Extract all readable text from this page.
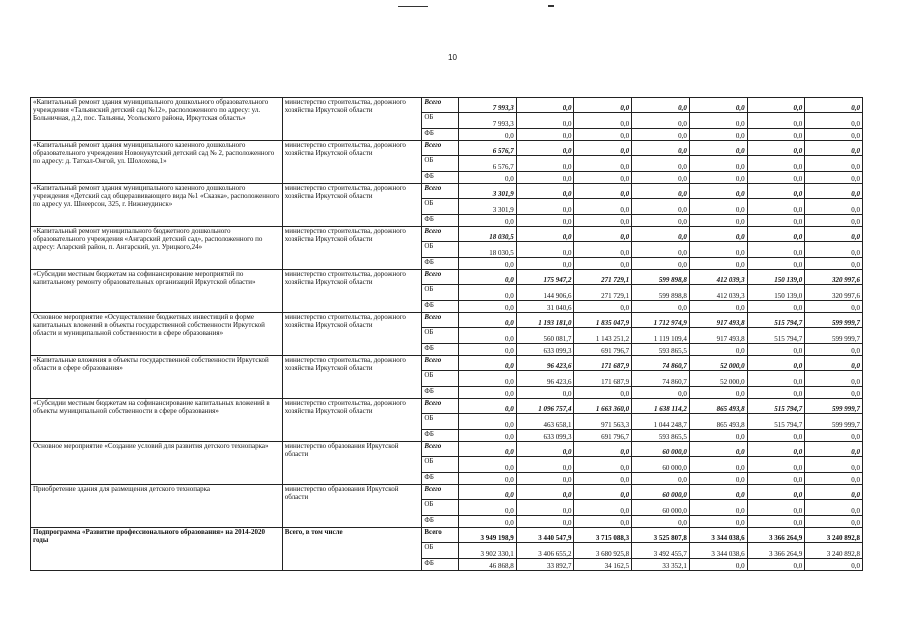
10
«Капитальный ремонт здания муниципального дошкольного образовательного учреждения «Тальянский детский сад №12», расположенного по адресу: ул. Больничная, д.2, пос. Тальяны, Усольского района, Иркутская область»	министерство строительства, дорожного хозяйства Иркутской области	Всего	7 993,3	0,0	0,0	0,0	0,0	0,0	0,0
		ОБ	7 993,3	0,0	0,0	0,0	0,0	0,0	0,0
		ФБ	0,0	0,0	0,0	0,0	0,0	0,0	0,0
«Капитальный ремонт здания муниципального казенного дошкольного образовательного учреждения Новонукутский детский сад № 2, расположенного по адресу: д. Татхал-Онгой, ул. Шолохова,1»	министерство строительства, дорожного хозяйства Иркутской области	Всего	6 576,7	0,0	0,0	0,0	0,0	0,0	0,0
		ОБ	6 576,7	0,0	0,0	0,0	0,0	0,0	0,0
		ФБ	0,0	0,0	0,0	0,0	0,0	0,0	0,0
«Капитальный ремонт здания муниципального казенного дошкольного учреждения «Детский сад общеразвивающего вида №1 «Сказка», расположенного по адресу ул. Шнеерсон, 325, г. Нижнеудинск»	министерство строительства, дорожного хозяйства Иркутской области	Всего	3 301,9	0,0	0,0	0,0	0,0	0,0	0,0
		ОБ	3 301,9	0,0	0,0	0,0	0,0	0,0	0,0
		ФБ	0,0	0,0	0,0	0,0	0,0	0,0	0,0
«Капитальный ремонт муниципального бюджетного дошкольного образовательного учреждения «Ангарский детский сад», расположенного по адресу: Аларский район, п. Ангарский, ул. Урицкого,24»	министерство строительства, дорожного хозяйства Иркутской области	Всего	18 030,5	0,0	0,0	0,0	0,0	0,0	0,0
		ОБ	18 030,5	0,0	0,0	0,0	0,0	0,0	0,0
		ФБ	0,0	0,0	0,0	0,0	0,0	0,0	0,0
«Субсидии местным бюджетам на софинансирование мероприятий по капитальному ремонту образовательных организаций Иркутской области»	министерство строительства, дорожного хозяйства Иркутской области	Всего	0,0	175 947,2	271 729,1	599 898,8	412 039,3	150 139,0	320 997,6
		ОБ	0,0	144 906,6	271 729,1	599 898,8	412 039,3	150 139,0	320 997,6
		ФБ	0,0	31 040,6	0,0	0,0	0,0	0,0	0,0
Основное мероприятие «Осуществление бюджетных инвестиций в форме капитальных вложений в объекты государственной собственности Иркутской области и муниципальной собственности в сфере образования»	министерство строительства, дорожного хозяйства Иркутской области	Всего	0,0	1 193 181,0	1 835 047,9	1 712 974,9	917 493,8	515 794,7	599 999,7
		ОБ	0,0	560 081,7	1 143 251,2	1 119 109,4	917 493,8	515 794,7	599 999,7
		ФБ	0,0	633 099,3	691 796,7	593 865,5	0,0	0,0	0,0
«Капитальные вложения в объекты государственной собственности Иркутской области в сфере образования»	министерство строительства, дорожного хозяйства Иркутской области	Всего	0,0	96 423,6	171 687,9	74 860,7	52 000,0	0,0	0,0
		ОБ	0,0	96 423,6	171 687,9	74 860,7	52 000,0	0,0	0,0
		ФБ	0,0	0,0	0,0	0,0	0,0	0,0	0,0
«Субсидии местным бюджетам на софинансирование капитальных вложений в объекты муниципальной собственности в сфере образования»	министерство строительства, дорожного хозяйства Иркутской области	Всего	0,0	1 096 757,4	1 663 360,0	1 638 114,2	865 493,8	515 794,7	599 999,7
		ОБ	0,0	463 658,1	971 563,3	1 044 248,7	865 493,8	515 794,7	599 999,7
		ФБ	0,0	633 099,3	691 796,7	593 865,5	0,0	0,0	0,0
Основное мероприятие «Создание условий для развития детского технопарка»	министерство образования Иркутской области	Всего	0,0	0,0	0,0	60 000,0	0,0	0,0	0,0
		ОБ	0,0	0,0	0,0	60 000,0	0,0	0,0	0,0
		ФБ	0,0	0,0	0,0	0,0	0,0	0,0	0,0
Приобретение здания для размещения детского технопарка	министерство образования Иркутской области	Всего	0,0	0,0	0,0	60 000,0	0,0	0,0	0,0
		ОБ	0,0	0,0	0,0	60 000,0	0,0	0,0	0,0
		ФБ	0,0	0,0	0,0	0,0	0,0	0,0	0,0
Подпрограмма «Развитие профессионального образования» на 2014-2020 годы	Всего, в том числе	Всего	3 949 198,9	3 440 547,9	3 715 088,3	3 525 807,8	3 344 038,6	3 366 264,9	3 240 892,8
		ОБ	3 902 330,1	3 406 655,2	3 680 925,8	3 492 455,7	3 344 038,6	3 366 264,9	3 240 892,8
		ФБ	46 868,8	33 892,7	34 162,5	33 352,1	0,0	0,0	0,0
